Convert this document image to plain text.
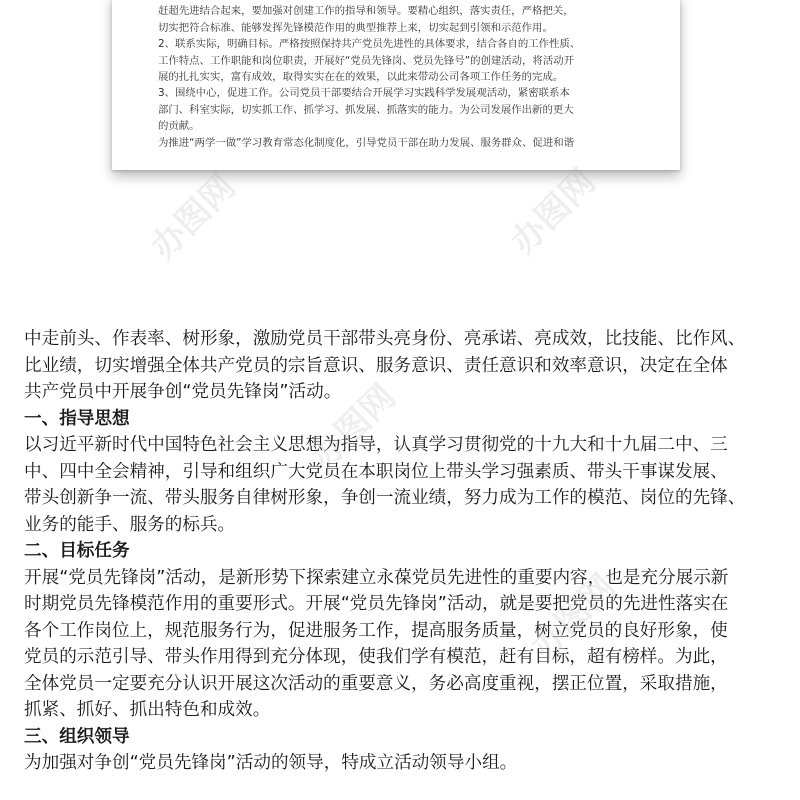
赶超先进结合起来，要加强对创建工作的指导和领导。要精心组织，落实责任，严格把关，

切实把符合标准、能够发挥先锋模范作用的典型推荐上来，切实起到引领和示范作用。

2、联系实际，明确目标。严格按照保持共产党员先进性的具体要求，结合各自的工作性质、

工作特点、工作职能和岗位职责，开展好“党员先锋岗、党员先锋号”的创建活动，将活动开

展的扎扎实实，富有成效，取得实实在在的效果，以此来带动公司各项工作任务的完成。

3、围绕中心，促进工作。公司党员干部要结合开展学习实践科学发展观活动，紧密联系本

部门、科室实际，切实抓工作、抓学习、抓发展、抓落实的能力。为公司发展作出新的更大

的贡献。

为推进“两学一做”学习教育常态化制度化，引导党员干部在助力发展、服务群众、促进和谐

中走前头、作表率、树形象，激励党员干部带头亮身份、亮承诺、亮成效，比技能、比作风、

比业绩，切实增强全体共产党员的宗旨意识、服务意识、责任意识和效率意识，决定在全体

共产党员中开展争创“党员先锋岗”活动。

一、指导思想

以习近平新时代中国特色社会主义思想为指导，认真学习贯彻党的十九大和十九届二中、三

中、四中全会精神，引导和组织广大党员在本职岗位上带头学习强素质、带头干事谋发展、

带头创新争一流、带头服务自律树形象，争创一流业绩，努力成为工作的模范、岗位的先锋、

业务的能手、服务的标兵。

二、目标任务

开展“党员先锋岗”活动，是新形势下探索建立永葆党员先进性的重要内容，也是充分展示新

时期党员先锋模范作用的重要形式。开展“党员先锋岗”活动，就是要把党员的先进性落实在

各个工作岗位上，规范服务行为，促进服务工作，提高服务质量，树立党员的良好形象，使

党员的示范引导、带头作用得到充分体现，使我们学有模范，赶有目标，超有榜样。为此，

全体党员一定要充分认识开展这次活动的重要意义，务必高度重视，摆正位置，采取措施，

抓紧、抓好、抓出特色和成效。

三、组织领导

为加强对争创“党员先锋岗”活动的领导，特成立活动领导小组。

办图网	办图网
办图网
办图网
